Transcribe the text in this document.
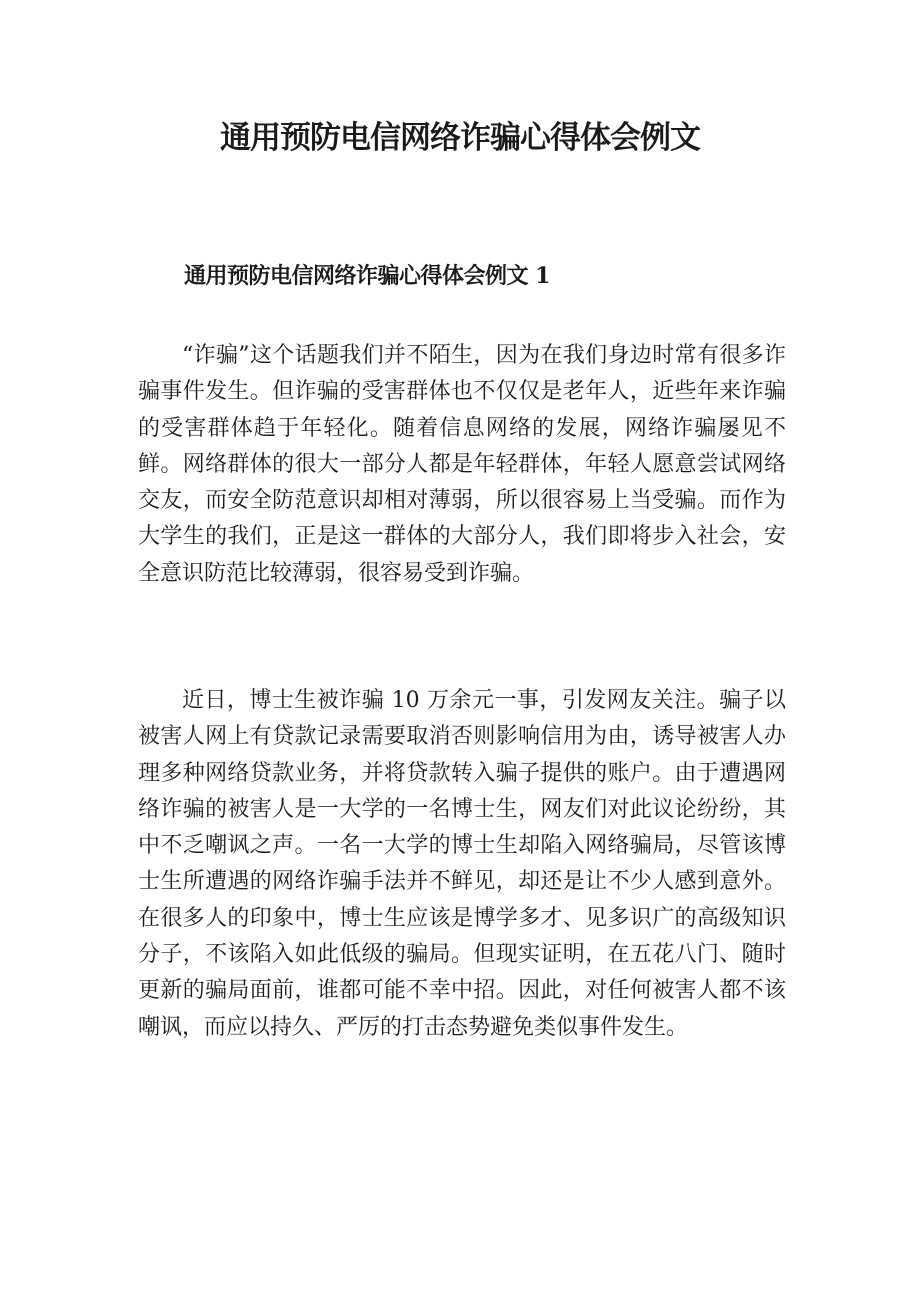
通用预防电信网络诈骗心得体会例文
通用预防电信网络诈骗心得体会例文 1

“诈骗”这个话题我们并不陌生，因为在我们身边时常有很多诈骗事件发生。但诈骗的受害群体也不仅仅是老年人，近些年来诈骗的受害群体趋于年轻化。随着信息网络的发展，网络诈骗屡见不鲜。网络群体的很大一部分人都是年轻群体，年轻人愿意尝试网络交友，而安全防范意识却相对薄弱，所以很容易上当受骗。而作为大学生的我们，正是这一群体的大部分人，我们即将步入社会，安全意识防范比较薄弱，很容易受到诈骗。

近日，博士生被诈骗 10 万余元一事，引发网友关注。骗子以被害人网上有贷款记录需要取消否则影响信用为由，诱导被害人办理多种网络贷款业务，并将贷款转入骗子提供的账户。由于遭遇网络诈骗的被害人是一大学的一名博士生，网友们对此议论纷纷，其中不乏嘲讽之声。一名一大学的博士生却陷入网络骗局，尽管该博士生所遭遇的网络诈骗手法并不鲜见，却还是让不少人感到意外。在很多人的印象中，博士生应该是博学多才、见多识广的高级知识分子，不该陷入如此低级的骗局。但现实证明，在五花八门、随时更新的骗局面前，谁都可能不幸中招。因此，对任何被害人都不该嘲讽，而应以持久、严厉的打击态势避免类似事件发生。
